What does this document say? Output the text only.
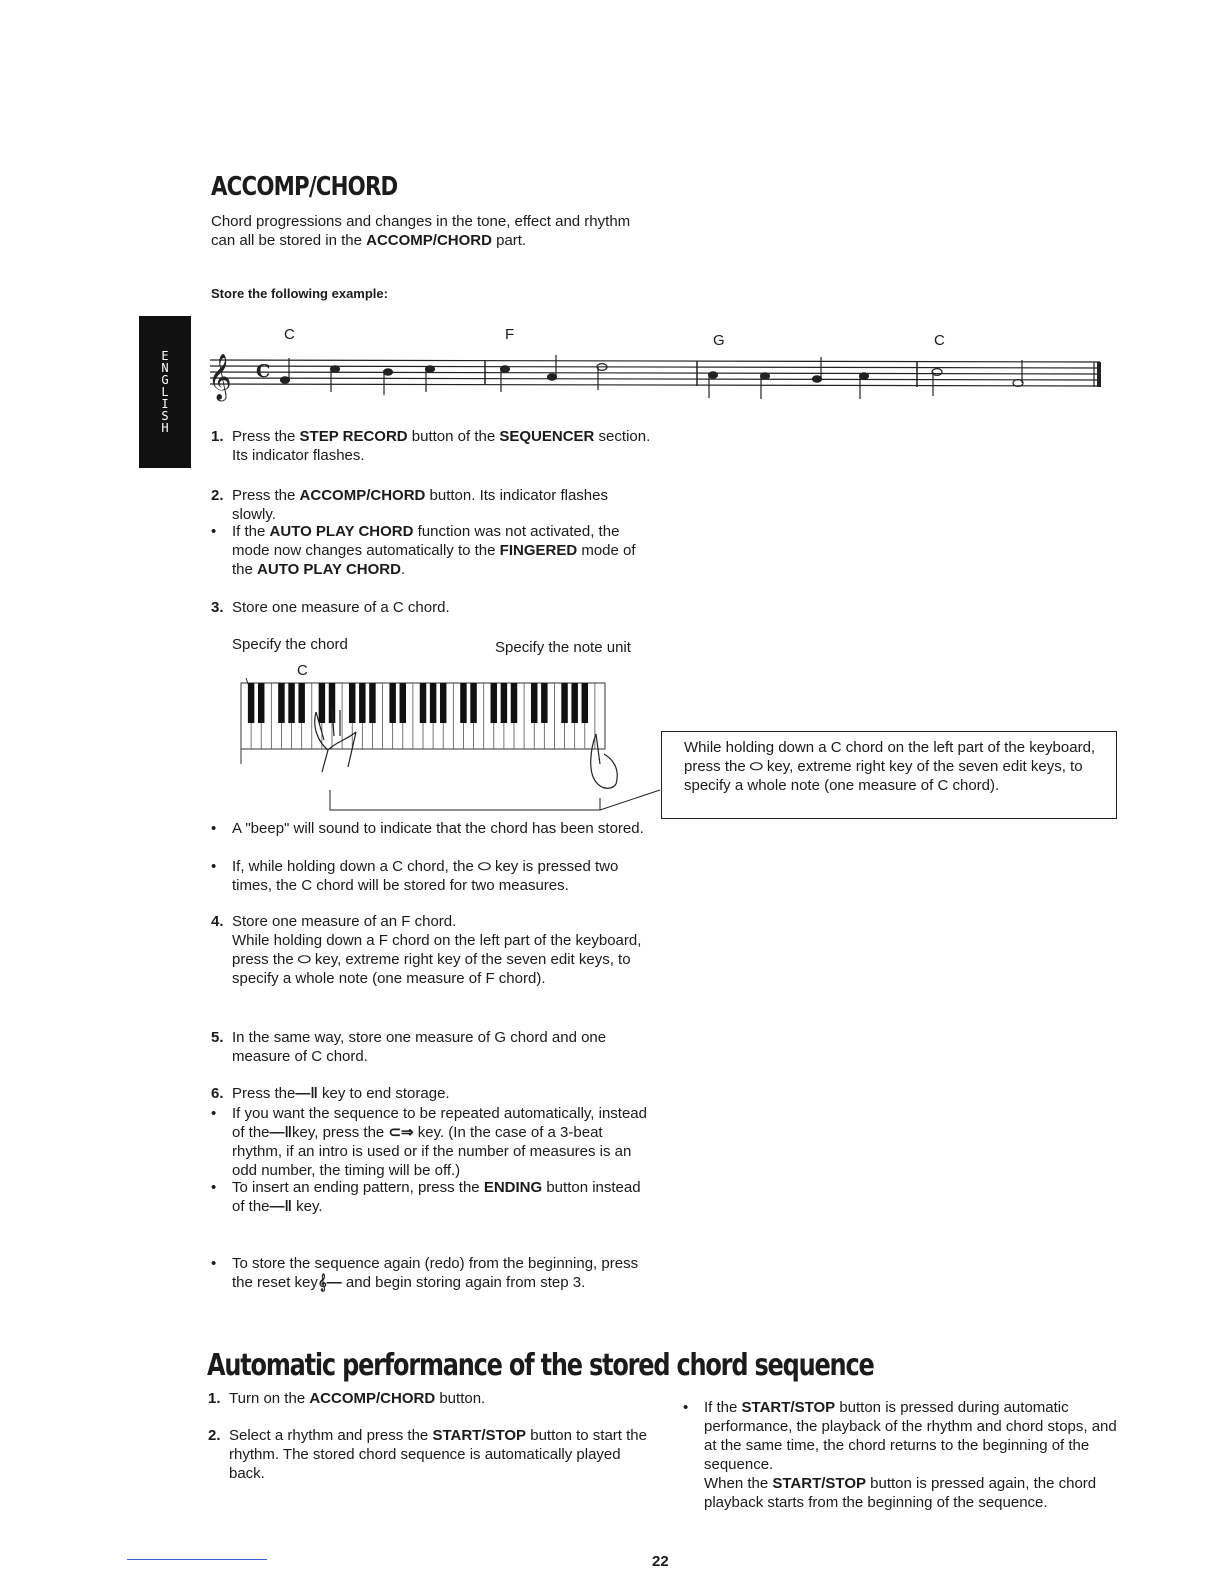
E
N
G
L
I
S
H
ACCOMP/CHORD
Chord progressions and changes in the tone, effect and rhythm can all be stored in the ACCOMP/CHORD part.
Store the following example:
C	F	G	C
𝄞 C
1. Press the STEP RECORD button of the SEQUENCER section. Its indicator flashes.
2. Press the ACCOMP/CHORD button. Its indicator flashes slowly.
• If the AUTO PLAY CHORD function was not activated, the mode now changes automatically to the FINGERED mode of the AUTO PLAY CHORD.
3. Store one measure of a C chord.
Specify the chord	Specify the note unit
C
While holding down a C chord on the left part of the keyboard, press the ⬭ key, extreme right key of the seven edit keys, to specify a whole note (one measure of C chord).
• A "beep" will sound to indicate that the chord has been stored.
• If, while holding down a C chord, the ⬭ key is pressed two times, the C chord will be stored for two measures.
4. Store one measure of an F chord.
While holding down a F chord on the left part of the keyboard, press the ⬭ key, extreme right key of the seven edit keys, to specify a whole note (one measure of F chord).
5. In the same way, store one measure of G chord and one measure of C chord.
6. Press the—ǁ key to end storage.
• If you want the sequence to be repeated automatically, instead of the—ǁkey, press the ⊂⇒ key. (In the case of a 3-beat rhythm, if an intro is used or if the number of measures is an odd number, the timing will be off.)
• To insert an ending pattern, press the ENDING button instead of the—ǁ key.
• To store the sequence again (redo) from the beginning, press the reset key𝄞— and begin storing again from step 3.
Automatic performance of the stored chord sequence
1. Turn on the ACCOMP/CHORD button.
2. Select a rhythm and press the START/STOP button to start the rhythm. The stored chord sequence is automatically played back.
• If the START/STOP button is pressed during automatic performance, the playback of the rhythm and chord stops, and at the same time, the chord returns to the beginning of the sequence.
When the START/STOP button is pressed again, the chord playback starts from the beginning of the sequence.
22
